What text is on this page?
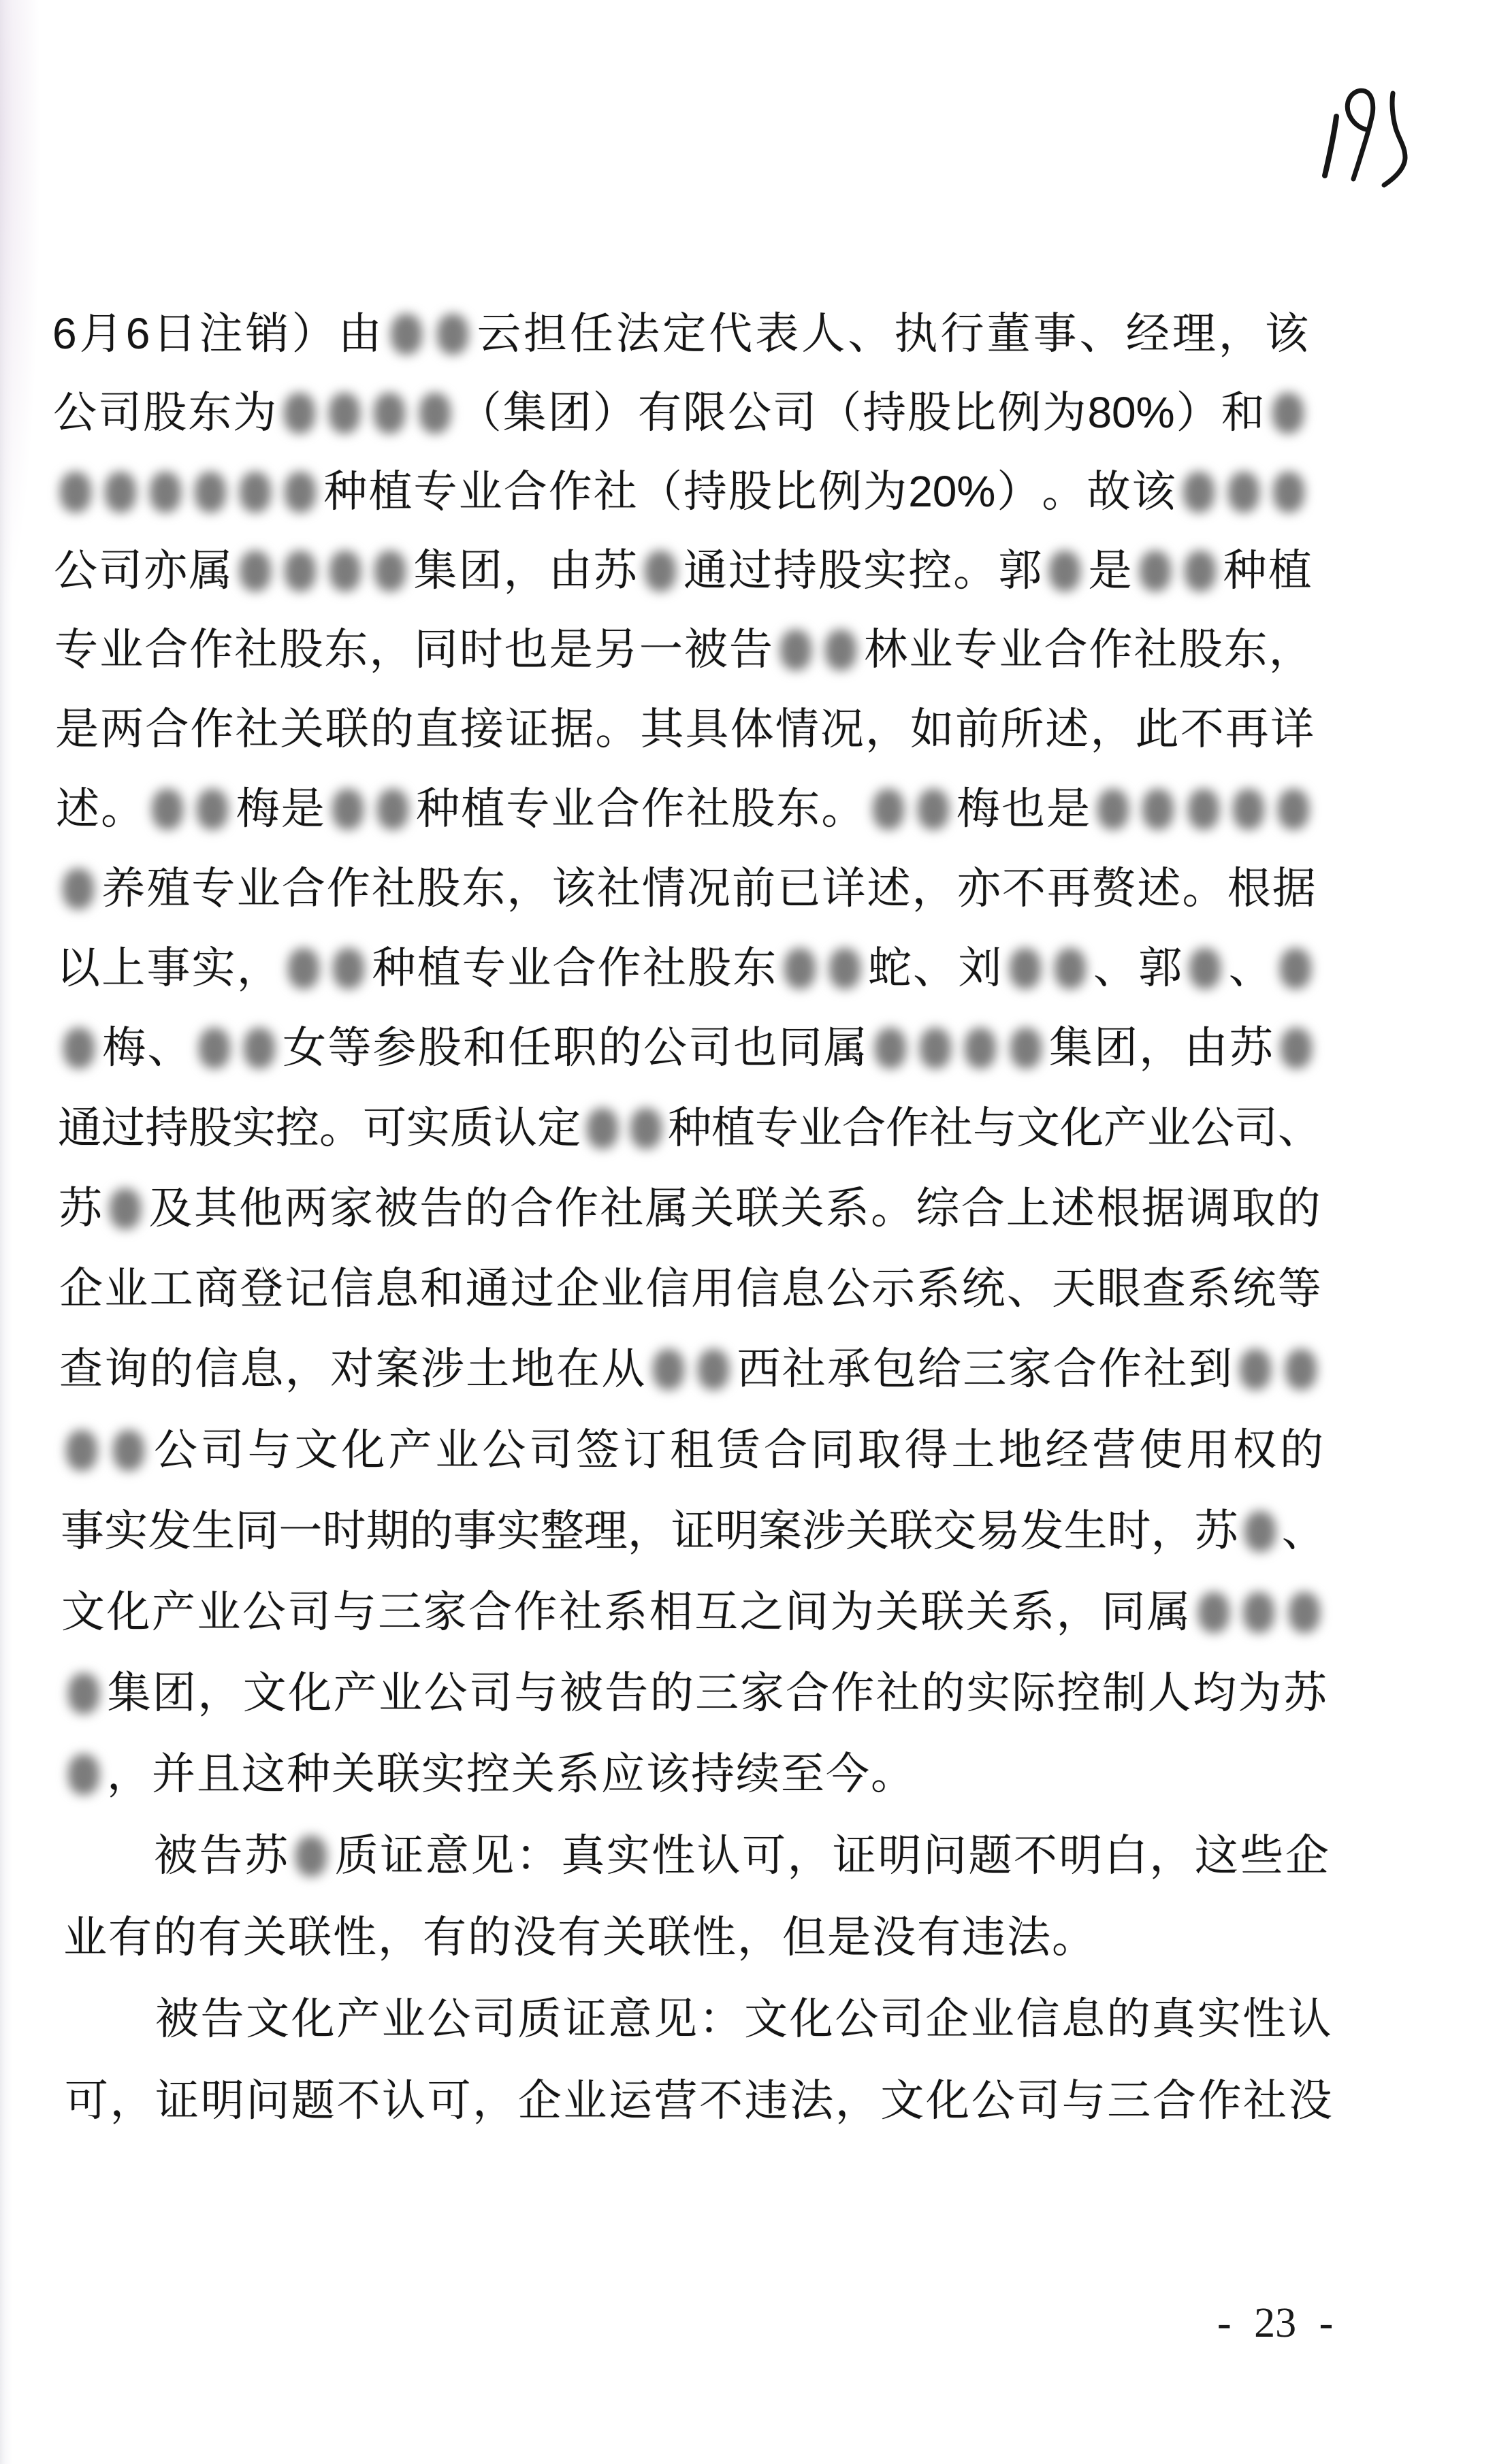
6 月 6 日 注 销 ） 由 云 担 任 法 定 代 表 人 、 执 行 董 事 、 经 理 ， 该
公 司 股 东 为	（ 集 团 ） 有 限 公 司 （ 持 股 比 例 为 80% ） 和
种 植 专 业 合 作 社 （ 持 股 比 例 为 20% ） 。 故 该
公 司 亦 属	集 团 ， 由 苏 通 过 持 股 实 控 。 郭 是 种 植
专 业 合 作 社 股 东 ， 同 时 也 是 另 一 被 告 林 业 专 业 合 作 社 股 东 ，
是 两 合 作 社 关 联 的 直 接 证 据 。 其 具 体 情 况 ， 如 前 所 述 ， 此 不 再 详
述 。 梅 是 种 植 专 业 合 作 社 股 东 。 梅 也 是
养 殖 专 业 合 作 社 股 东 ， 该 社 情 况 前 已 详 述 ， 亦 不 再 赘 述 。 根 据
以 上 事 实 ， 种 植 专 业 合 作 社 股 东 蛇 、 刘 、 郭 、
梅 、 女 等 参 股 和 任 职 的 公 司 也 同 属	集 团 ， 由 苏
通 过 持 股 实 控 。 可 实 质 认 定 种 植 专 业 合 作 社 与 文 化 产 业 公 司 、
苏 及 其 他 两 家 被 告 的 合 作 社 属 关 联 关 系 。 综 合 上 述 根 据 调 取 的
企 业 工 商 登 记 信 息 和 通 过 企 业 信 用 信 息 公 示 系 统 、 天 眼 查 系 统 等
查 询 的 信 息 ， 对 案 涉 土 地 在 从 西 社 承 包 给 三 家 合 作 社 到
公 司 与 文 化 产 业 公 司 签 订 租 赁 合 同 取 得 土 地 经 营 使 用 权 的
事 实 发 生 同 一 时 期 的 事 实 整 理 ， 证 明 案 涉 关 联 交 易 发 生 时 ， 苏 、
文 化 产 业 公 司 与 三 家 合 作 社 系 相 互 之 间 为 关 联 关 系 ， 同 属
集 团 ， 文 化 产 业 公 司 与 被 告 的 三 家 合 作 社 的 实 际 控 制 人 均 为 苏
， 并 且 这 种 关 联 实 控 关 系 应 该 持 续 至 今 。
被 告 苏 质 证 意 见 ： 真 实 性 认 可 ， 证 明 问 题 不 明 白 ， 这 些 企
业 有 的 有 关 联 性 ， 有 的 没 有 关 联 性 ， 但 是 没 有 违 法 。
被 告 文 化 产 业 公 司 质 证 意 见 ： 文 化 公 司 企 业 信 息 的 真 实 性 认
可 ， 证 明 问 题 不 认 可 ， 企 业 运 营 不 违 法 ， 文 化 公 司 与 三 合 作 社 没
- 23 -
